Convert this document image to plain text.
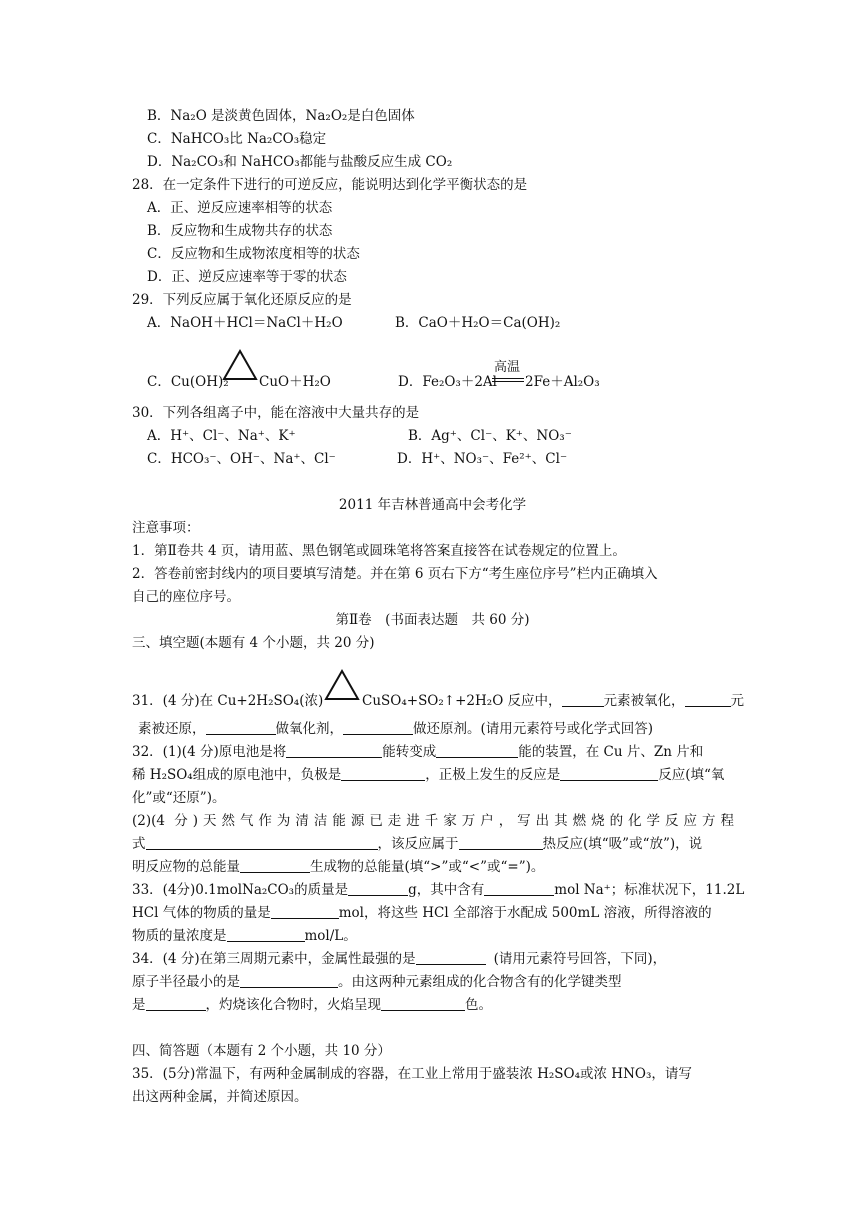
B．Na₂O 是淡黄色固体，Na₂O₂是白色固体
C．NaHCO₃比 Na₂CO₃稳定
D．Na₂CO₃和 NaHCO₃都能与盐酸反应生成 CO₂
28．在一定条件下进行的可逆反应，能说明达到化学平衡状态的是
A．正、逆反应速率相等的状态
B．反应物和生成物共存的状态
C．反应物和生成物浓度相等的状态
D．正、逆反应速率等于零的状态
29．下列反应属于氧化还原反应的是
A．NaOH＋HCl＝NaCl＋H₂O	B．CaO＋H₂O＝Ca(OH)₂
C．Cu(OH)₂ CuO＋H₂O	D．Fe₂O₃＋2Al
高温
2Fe＋Al₂O₃
30．下列各组离子中，能在溶液中大量共存的是
A．H⁺、Cl⁻、Na⁺、K⁺	B．Ag⁺、Cl⁻、K⁺、NO₃⁻
C．HCO₃⁻、OH⁻、Na⁺、Cl⁻	D．H⁺、NO₃⁻、Fe²⁺、Cl⁻
2011 年吉林普通高中会考化学
注意事项：
1．第Ⅱ卷共 4 页，请用蓝、黑色钢笔或圆珠笔将答案直接答在试卷规定的位置上。
2．答卷前密封线内的项目要填写清楚。并在第 6 页右下方“考生座位序号”栏内正确填入
自己的座位序号。
第Ⅱ卷　(书面表达题　共 60 分)
三、填空题(本题有 4 个小题，共 20 分)
31．(4 分)在 Cu+2H₂SO₄(浓)	CuSO₄+SO₂↑+2H₂O 反应中，	元素被氧化，	元
素被还原，	做氧化剂，	做还原剂。(请用元素符号或化学式回答)
32．(1)(4 分)原电池是将	能转变成	能的装置，在 Cu 片、Zn 片和
稀 H₂SO₄组成的原电池中，负极是	，正极上发生的反应是	反应(填“氧
化”或“还原”)。
(2)(4 分)天然气作为清洁能源已走进千家万户，写出其燃烧的化学反应方程
式	，该反应属于	热反应(填“吸”或“放”)，说
明反应物的总能量	生成物的总能量(填“>”或“<”或“=”)。
33．(4分)0.1molNa₂CO₃的质量是	g，其中含有	mol Na⁺；标准状况下，11.2L
HCl 气体的物质的量是	mol，将这些 HCl 全部溶于水配成 500mL 溶液，所得溶液的
物质的量浓度是	mol/L。
34．(4 分)在第三周期元素中，金属性最强的是	(请用元素符号回答，下同)，
原子半径最小的是	。由这两种元素组成的化合物含有的化学键类型
是	，灼烧该化合物时，火焰呈现	色。
四、简答题（本题有 2 个小题，共 10 分）
35．(5分)常温下，有两种金属制成的容器，在工业上常用于盛装浓 H₂SO₄或浓 HNO₃，请写
出这两种金属，并简述原因。
